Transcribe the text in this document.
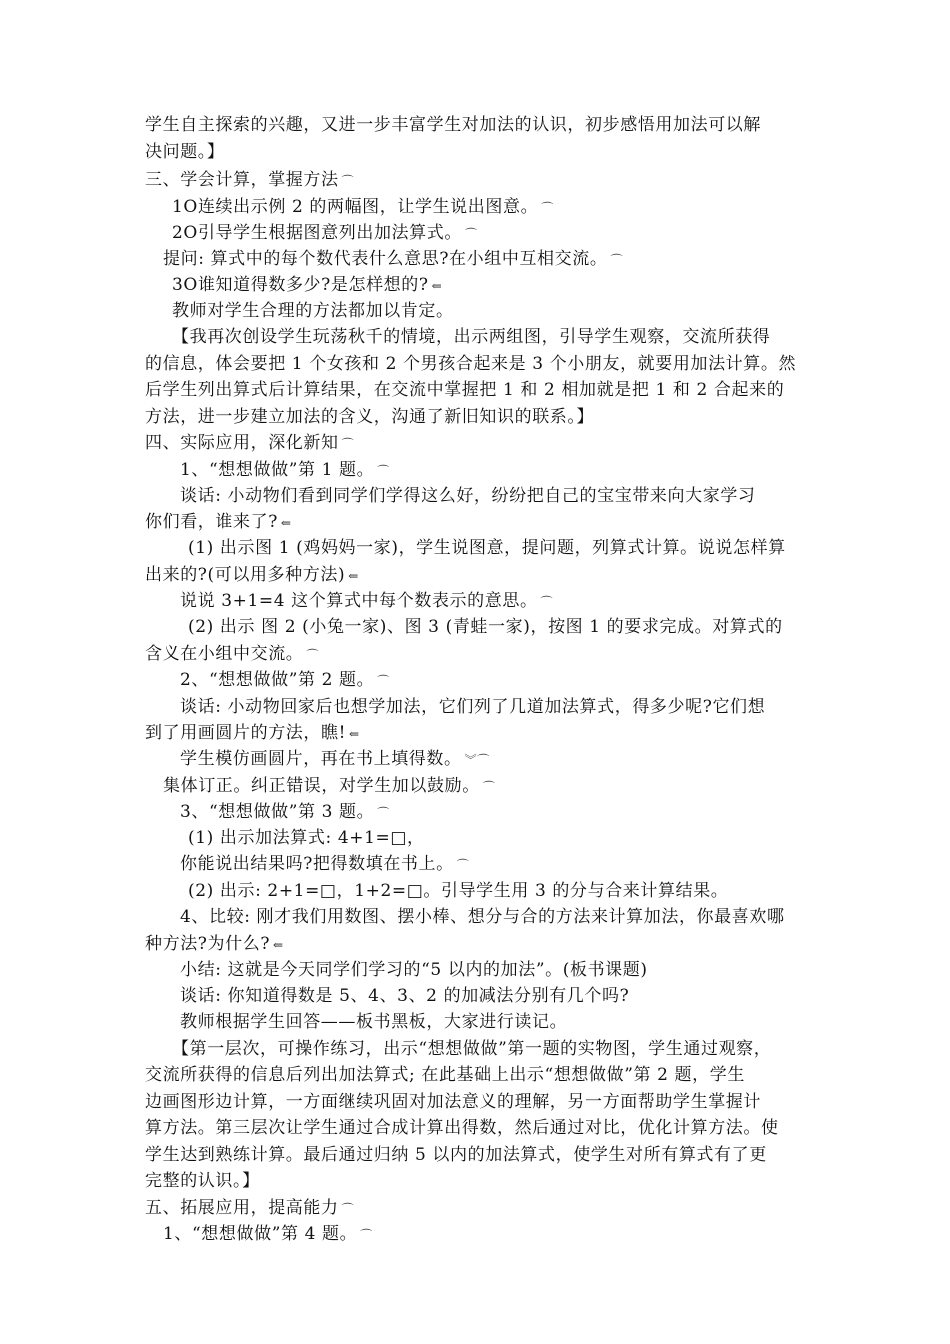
学生自主探索的兴趣，又进一步丰富学生对加法的认识，初步感悟用加法可以解
决问题。】
三、学会计算，掌握方法 ⌒
1O连续出示例 2 的两幅图，让学生说出图意。 ⌒
2O引导学生根据图意列出加法算式。 ⌒
提问: 算式中的每个数代表什么意思?在小组中互相交流。 ⌒
3O谁知道得数多少?是怎样想的? ⇐
教师对学生合理的方法都加以肯定。
【我再次创设学生玩荡秋千的情境，出示两组图，引导学生观察，交流所获得
的信息，体会要把 1 个女孩和 2 个男孩合起来是 3 个小朋友，就要用加法计算。然
后学生列出算式后计算结果，在交流中掌握把 1 和 2 相加就是把 1 和 2 合起来的
方法，进一步建立加法的含义，沟通了新旧知识的联系。】
四、实际应用，深化新知 ⌒
1、“想想做做”第 1 题。 ⌒
谈话: 小动物们看到同学们学得这么好，纷纷把自己的宝宝带来向大家学习
你们看，谁来了? ⇐
(1) 出示图 1 (鸡妈妈一家)，学生说图意，提问题，列算式计算。说说怎样算
出来的?(可以用多种方法) ⇐
说说 3+1=4 这个算式中每个数表示的意思。 ⌒
(2) 出示 图 2 (小兔一家)、图 3 (青蛙一家)，按图 1 的要求完成。对算式的
含义在小组中交流。 ⌒
2、“想想做做”第 2 题。 ⌒
谈话: 小动物回家后也想学加法，它们列了几道加法算式，得多少呢?它们想
到了用画圆片的方法，瞧! ⇐
学生模仿画圆片，再在书上填得数。 ︾⌒
集体订正。纠正错误，对学生加以鼓励。 ⌒
3、“想想做做”第 3 题。 ⌒
(1) 出示加法算式: 4+1=□，
你能说出结果吗?把得数填在书上。 ⌒
(2) 出示: 2+1=□，1+2=□。引导学生用 3 的分与合来计算结果。
4、比较: 刚才我们用数图、摆小棒、想分与合的方法来计算加法，你最喜欢哪
种方法?为什么? ⇐
小结: 这就是今天同学们学习的“5 以内的加法”。(板书课题)
谈话: 你知道得数是 5、4、3、2 的加减法分别有几个吗?
教师根据学生回答——板书黑板，大家进行读记。
【第一层次，可操作练习，出示“想想做做”第一题的实物图，学生通过观察，
交流所获得的信息后列出加法算式; 在此基础上出示“想想做做”第 2 题，学生
边画图形边计算，一方面继续巩固对加法意义的理解，另一方面帮助学生掌握计
算方法。第三层次让学生通过合成计算出得数，然后通过对比，优化计算方法。使
学生达到熟练计算。最后通过归纳 5 以内的加法算式，使学生对所有算式有了更
完整的认识。】
五、拓展应用，提高能力 ⌒
1、“想想做做”第 4 题。 ⌒
